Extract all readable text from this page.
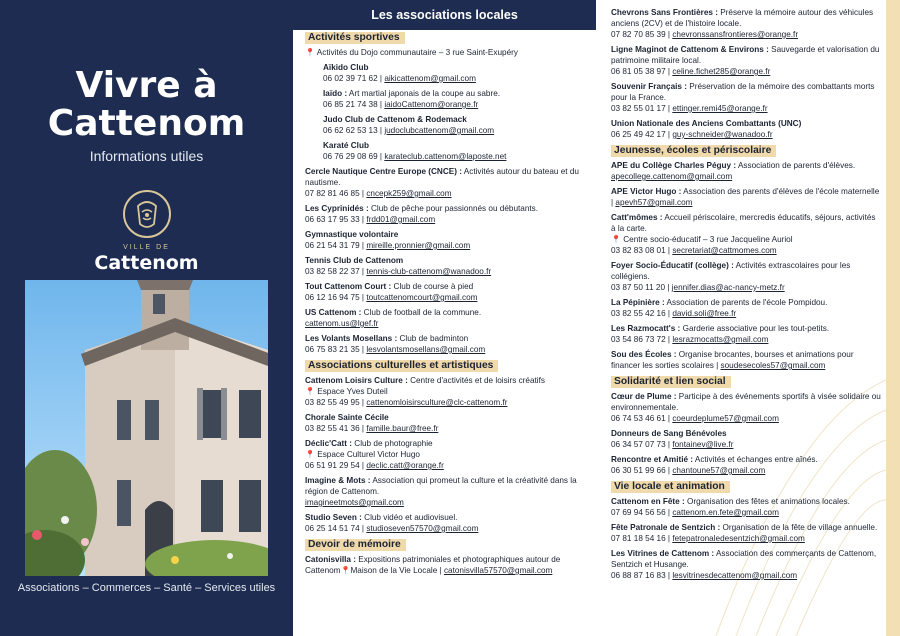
Vivre à
Cattenom
Informations utiles
VILLE DE
Cattenom
Associations – Commerces – Santé – Services utiles
Les associations locales
Activités sportives
📍 Activités du Dojo communautaire – 3 rue Saint-Exupéry
Aïkido Club
06 02 39 71 62 | aikicattenom@gmail.com
Iaïdo : Art martial japonais de la coupe au sabre.
06 85 21 74 38 | iaidoCattenom@orange.fr
Judo Club de Cattenom & Rodemack
06 62 62 53 13 | judoclubcattenom@gmail.com
Karaté Club
06 76 29 08 69 | karateclub.cattenom@laposte.net
Cercle Nautique Centre Europe (CNCE) : Activités autour du bateau et du nautisme.
07 82 81 46 85 | cncepk259@gmail.com
Les Cyprinidés : Club de pêche pour passionnés ou débutants.
06 63 17 95 33 | frdd01@gmail.com
Gymnastique volontaire
06 21 54 31 79 | mireille.pronnier@gmail.com
Tennis Club de Cattenom
03 82 58 22 37 | tennis-club-cattenom@wanadoo.fr
Tout Cattenom Court : Club de course à pied
06 12 16 94 75 | toutcattenomcourt@gmail.com
US Cattenom : Club de football de la commune.
cattenom.us@lgef.fr
Les Volants Mosellans : Club de badminton
06 75 83 21 35 | lesvolantsmosellans@gmail.com
Associations culturelles et artistiques
Cattenom Loisirs Culture : Centre d'activités et de loisirs créatifs
📍 Espace Yves Duteil
03 82 55 49 95 | cattenomloisirsculture@clc-cattenom.fr
Chorale Sainte Cécile
03 82 55 41 36 | famille.baur@free.fr
Déclic'Catt : Club de photographie
📍 Espace Culturel Victor Hugo
06 51 91 29 54 | declic.catt@orange.fr
Imagine & Mots : Association qui promeut la culture et la créativité dans la région de Cattenom.
imagineetmots@gmail.com
Studio Seven : Club vidéo et audiovisuel.
06 25 14 51 74 | studioseven57570@gmail.com
Devoir de mémoire
Catonisvilla : Expositions patrimoniales et photographiques autour de Cattenom📍Maison de la Vie Locale | catonisvilla57570@gmail.com
Chevrons Sans Frontières : Préserve la mémoire autour des véhicules anciens (2CV) et de l'histoire locale.
07 82 70 85 39 | chevronssansfrontieres@orange.fr
Ligne Maginot de Cattenom & Environs : Sauvegarde et valorisation du patrimoine militaire local.
06 81 05 38 97 | celine.fichet285@orange.fr
Souvenir Français : Préservation de la mémoire des combattants morts pour la France.
03 82 55 01 17 | ettinger.remi45@orange.fr
Union Nationale des Anciens Combattants (UNC)
06 25 49 42 17 | guy-schneider@wanadoo.fr
Jeunesse, écoles et périscolaire
APE du Collège Charles Péguy : Association de parents d'élèves.
apecollege.cattenom@gmail.com
APE Victor Hugo : Association des parents d'élèves de l'école maternelle | apevh57@gmail.com
Catt'mômes : Accueil périscolaire, mercredis éducatifs, séjours, activités à la carte.
📍 Centre socio-éducatif – 3 rue Jacqueline Auriol
03 82 83 08 01 | secretariat@cattmomes.com
Foyer Socio-Éducatif (collège) : Activités extrascolaires pour les collégiens.
03 87 50 11 20 | jennifer.dias@ac-nancy-metz.fr
La Pépinière : Association de parents de l'école Pompidou.
03 82 55 42 16 | david.soli@free.fr
Les Razmocatt's : Garderie associative pour les tout-petits.
03 54 86 73 72 | lesrazmocatts@gmail.com
Sou des Écoles : Organise brocantes, bourses et animations pour financer les sorties scolaires | soudesecoles57@gmail.com
Solidarité et lien social
Cœur de Plume : Participe à des événements sportifs à visée solidaire ou environnementale.
06 74 53 46 61 | coeurdeplume57@gmail.com
Donneurs de Sang Bénévoles
06 34 57 07 73 | fontainev@live.fr
Rencontre et Amitié : Activités et échanges entre aînés.
06 30 51 99 66 | chantoune57@gmail.com
Vie locale et animation
Cattenom en Fête : Organisation des fêtes et animations locales.
07 69 94 56 56 | cattenom.en.fete@gmail.com
Fête Patronale de Sentzich : Organisation de la fête de village annuelle. 07 81 18 54 16 | fetepatronaledesentzich@gmail.com
Les Vitrines de Cattenom : Association des commerçants de Cattenom, Sentzich et Husange.
06 88 87 16 83 | lesvitrinesdecattenom@gmail.com
